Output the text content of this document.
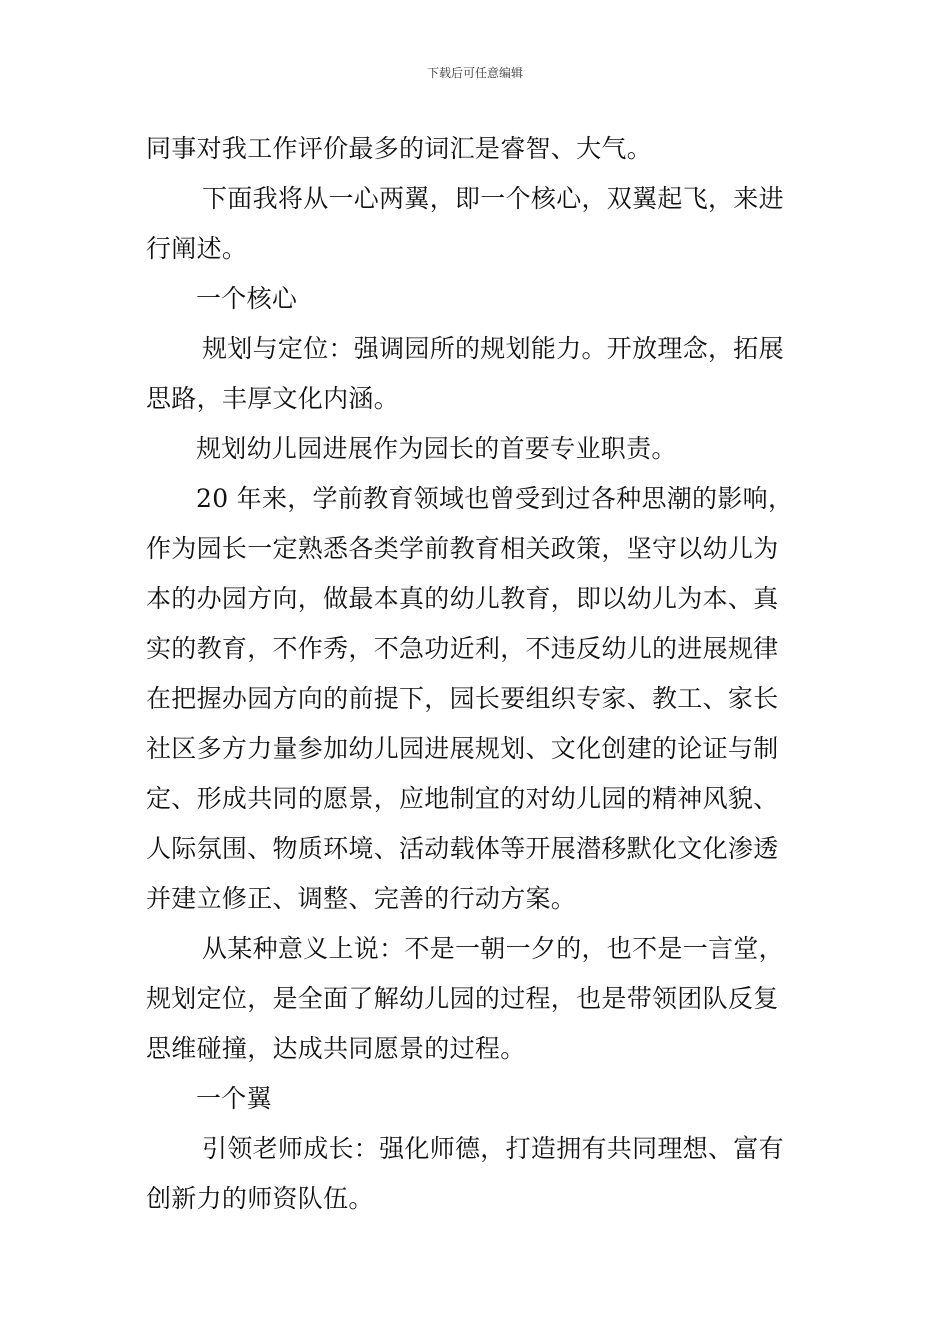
下载后可任意编辑

同事对我工作评价最多的词汇是睿智、大气。

下面我将从一心两翼，即一个核心，双翼起飞，来进
行阐述。

一个核心

规划与定位：强调园所的规划能力。开放理念，拓展
思路，丰厚文化内涵。

规划幼儿园进展作为园长的首要专业职责。

20 年来，学前教育领域也曾受到过各种思潮的影响，
作为园长一定熟悉各类学前教育相关政策，坚守以幼儿为
本的办园方向，做最本真的幼儿教育，即以幼儿为本、真
实的教育，不作秀，不急功近利，不违反幼儿的进展规律
在把握办园方向的前提下，园长要组织专家、教工、家长
社区多方力量参加幼儿园进展规划、文化创建的论证与制
定、形成共同的愿景，应地制宜的对幼儿园的精神风貌、
人际氛围、物质环境、活动载体等开展潜移默化文化渗透
并建立修正、调整、完善的行动方案。

从某种意义上说：不是一朝一夕的，也不是一言堂，
规划定位，是全面了解幼儿园的过程，也是带领团队反复
思维碰撞，达成共同愿景的过程。

一个翼

引领老师成长：强化师德，打造拥有共同理想、富有
创新力的师资队伍。
